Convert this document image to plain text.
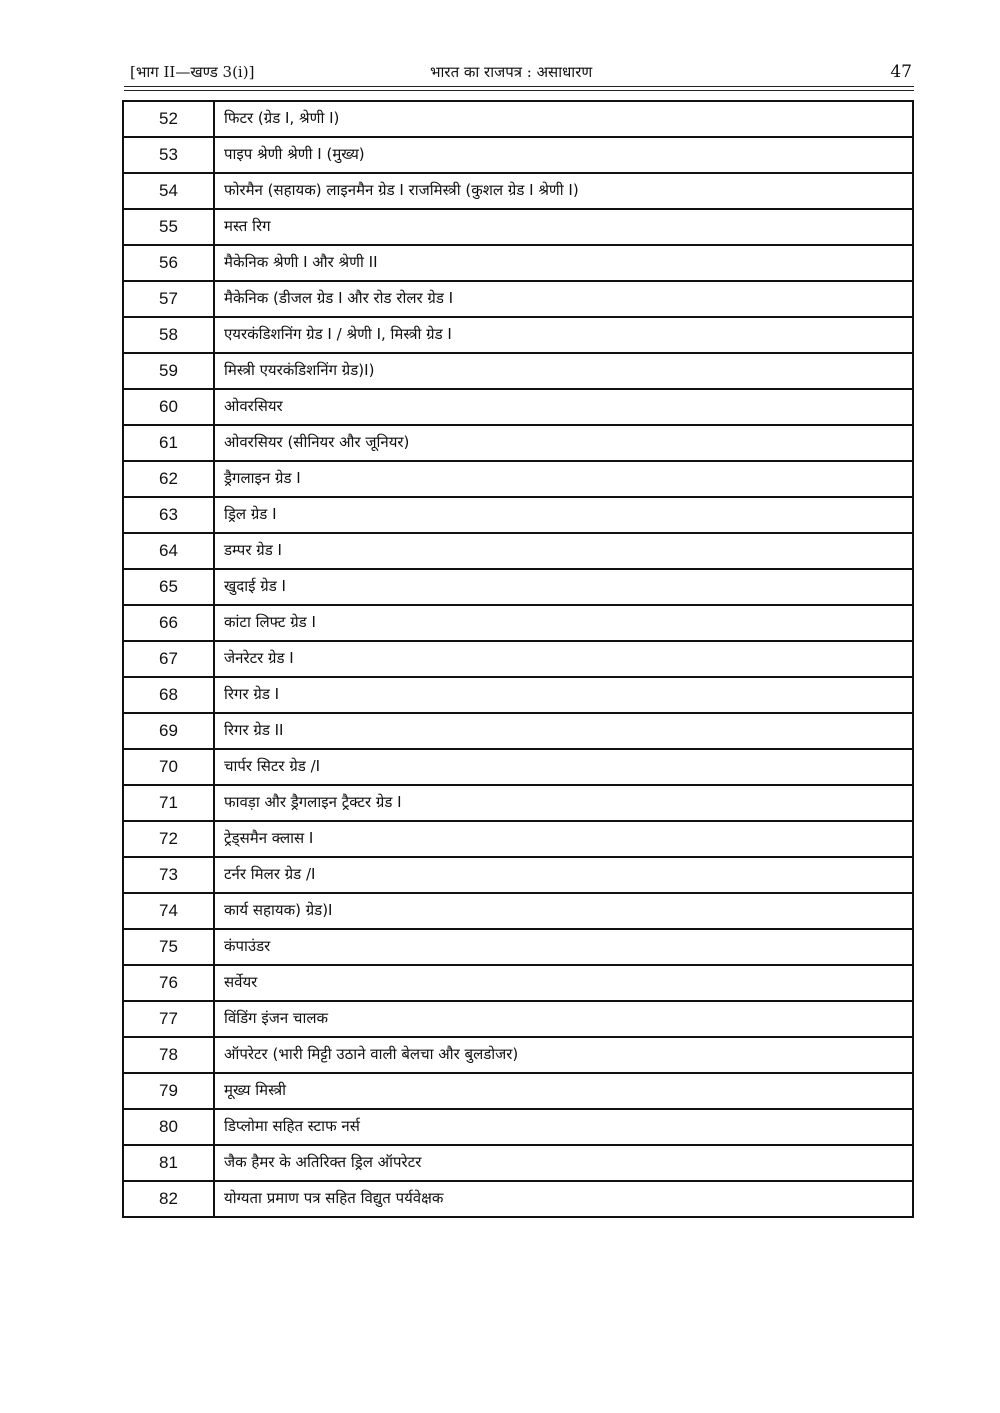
[भाग II—खण्ड 3(i)]	भारत का राजपत्र : असाधारण	47
52	फिटर (ग्रेड I, श्रेणी I)
53	पाइप श्रेणी श्रेणी I (मुख्य)
54	फोरमैन (सहायक) लाइनमैन ग्रेड I राजमिस्त्री (कुशल ग्रेड I श्रेणी I)
55	मस्त रिग
56	मैकेनिक श्रेणी I और श्रेणी II
57	मैकेनिक (डीजल ग्रेड I और रोड रोलर ग्रेड I
58	एयरकंडिशनिंग ग्रेड I / श्रेणी I, मिस्त्री ग्रेड I
59	मिस्त्री एयरकंडिशनिंग ग्रेड)I)
60	ओवरसियर
61	ओवरसियर (सीनियर और जूनियर)
62	ड्रैगलाइन ग्रेड I
63	ड्रिल ग्रेड I
64	डम्पर ग्रेड I
65	खुदाई ग्रेड I
66	कांटा लिफ्ट ग्रेड I
67	जेनरेटर ग्रेड I
68	रिगर ग्रेड I
69	रिगर ग्रेड II
70	चार्पर सिटर ग्रेड /I
71	फावड़ा और ड्रैगलाइन ट्रैक्टर ग्रेड I
72	ट्रेड्समैन क्लास I
73	टर्नर मिलर ग्रेड /I
74	कार्य सहायक) ग्रेड)I
75	कंपाउंडर
76	सर्वेयर
77	विंडिंग इंजन चालक
78	ऑपरेटर (भारी मिट्टी उठाने वाली बेलचा और बुलडोजर)
79	मूख्य मिस्त्री
80	डिप्लोमा सहित स्टाफ नर्स
81	जैक हैमर के अतिरिक्त ड्रिल ऑपरेटर
82	योग्यता प्रमाण पत्र सहित विद्युत पर्यवेक्षक
